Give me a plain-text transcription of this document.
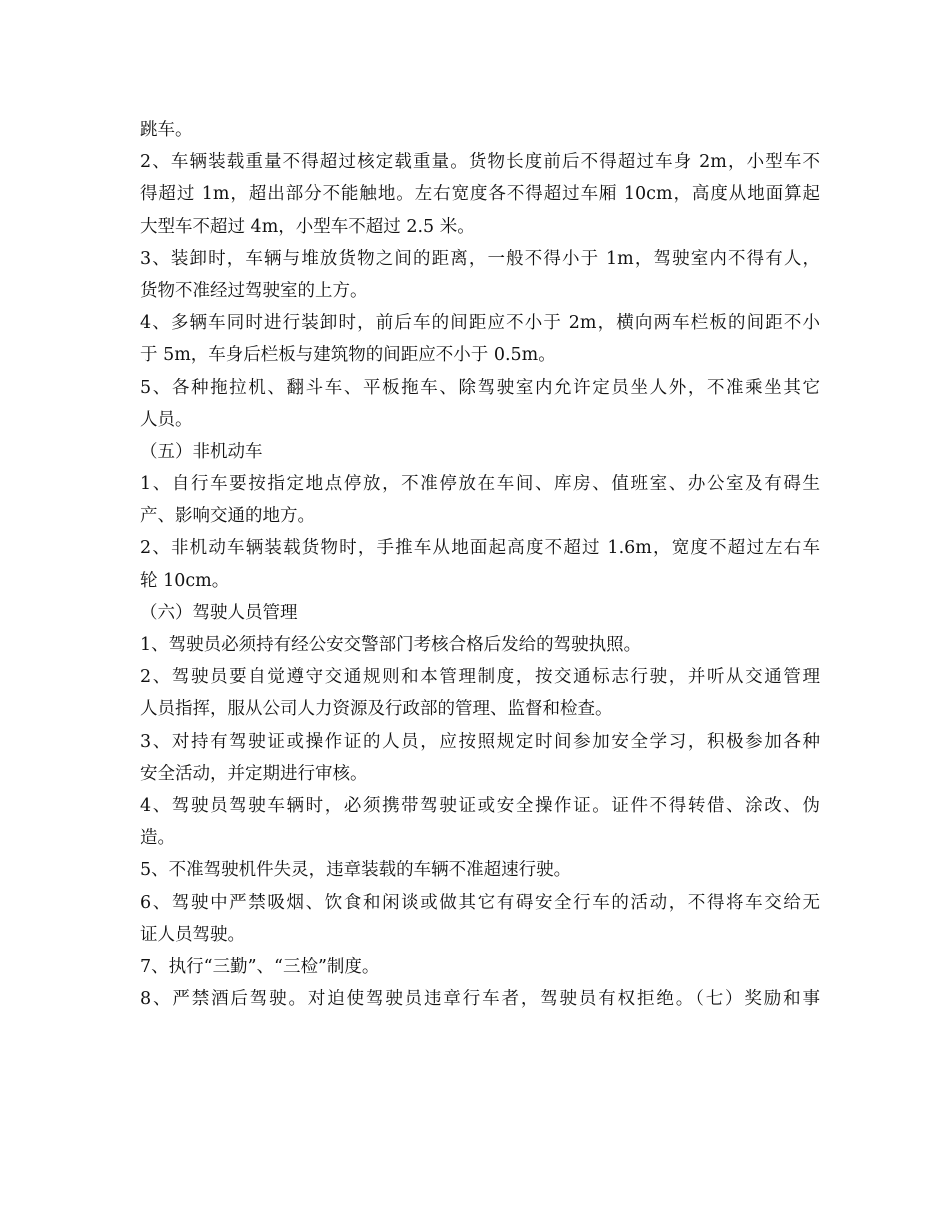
跳车。
2、车辆装载重量不得超过核定载重量。货物长度前后不得超过车身 2m，小型车不
得超过 1m，超出部分不能触地。左右宽度各不得超过车厢 10cm，高度从地面算起
大型车不超过 4m，小型车不超过 2.5 米。
3、装卸时，车辆与堆放货物之间的距离，一般不得小于 1m，驾驶室内不得有人，
货物不准经过驾驶室的上方。
4、多辆车同时进行装卸时，前后车的间距应不小于 2m，横向两车栏板的间距不小
于 5m，车身后栏板与建筑物的间距应不小于 0.5m。
5、各种拖拉机、翻斗车、平板拖车、除驾驶室内允许定员坐人外，不准乘坐其它
人员。
（五）非机动车
1、自行车要按指定地点停放，不准停放在车间、库房、值班室、办公室及有碍生
产、影响交通的地方。
2、非机动车辆装载货物时，手推车从地面起高度不超过 1.6m，宽度不超过左右车
轮 10cm。
（六）驾驶人员管理
1、驾驶员必须持有经公安交警部门考核合格后发给的驾驶执照。
2、驾驶员要自觉遵守交通规则和本管理制度，按交通标志行驶，并听从交通管理
人员指挥，服从公司人力资源及行政部的管理、监督和检查。
3、对持有驾驶证或操作证的人员，应按照规定时间参加安全学习，积极参加各种
安全活动，并定期进行审核。
4、驾驶员驾驶车辆时，必须携带驾驶证或安全操作证。证件不得转借、涂改、伪
造。
5、不准驾驶机件失灵，违章装载的车辆不准超速行驶。
6、驾驶中严禁吸烟、饮食和闲谈或做其它有碍安全行车的活动，不得将车交给无
证人员驾驶。
7、执行“三勤”、“三检”制度。
8、严禁酒后驾驶。对迫使驾驶员违章行车者，驾驶员有权拒绝。（七）奖励和事
